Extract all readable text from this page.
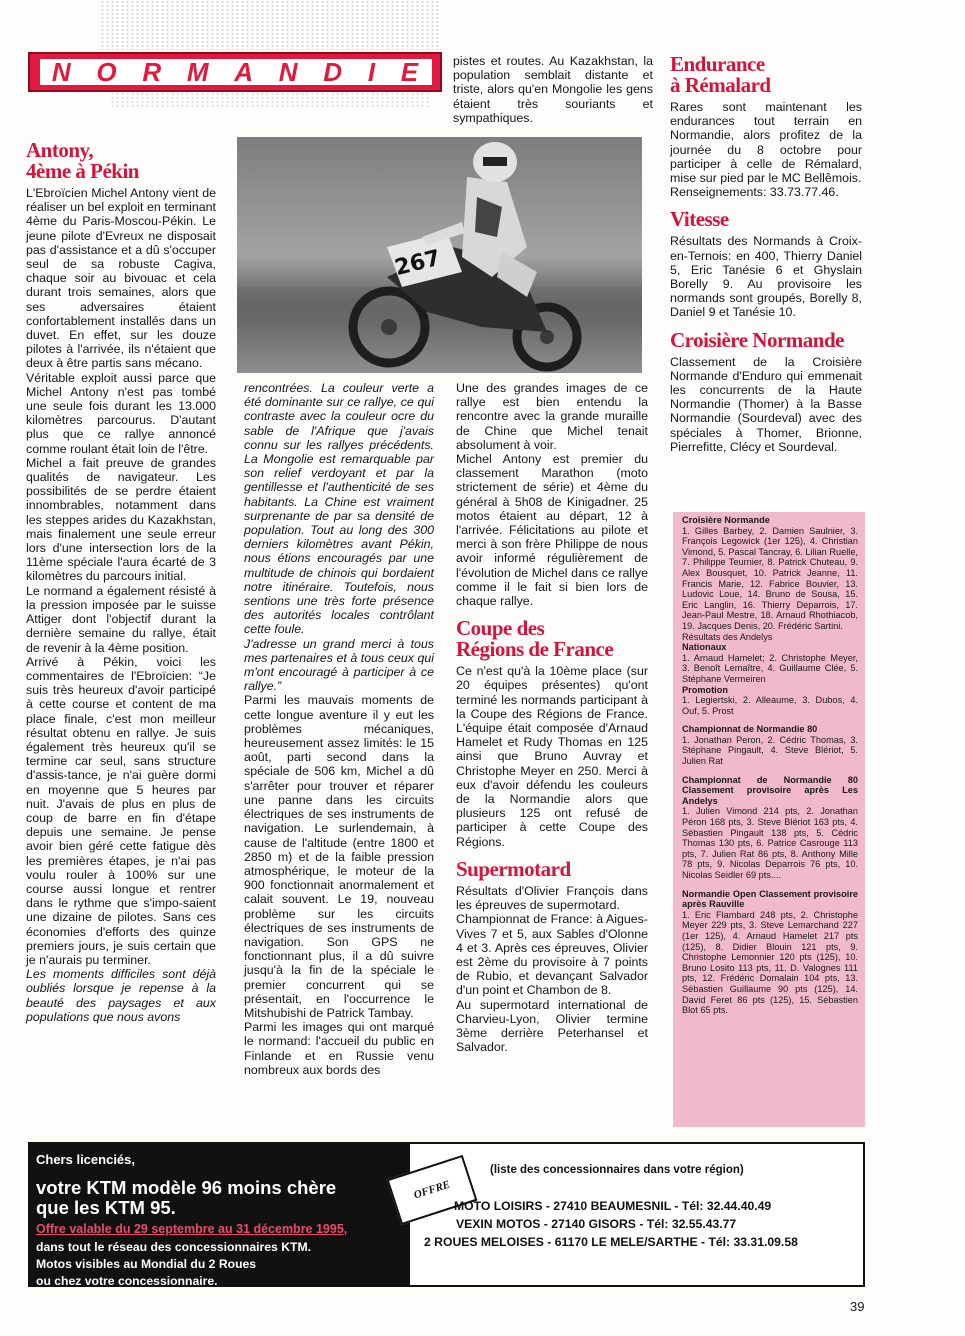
N O R M A N D I E
267
Antony,
4ème à Pékin

L'Ebroïcien Michel Antony vient de réaliser un bel exploit en terminant 4ème du Paris-Moscou-Pékin. Le jeune pilote d'Evreux ne disposait pas d'assistance et a dû s'occuper seul de sa robuste Cagiva, chaque soir au bivouac et cela durant trois semaines, alors que ses adversaires étaient confortablement installés dans un duvet. En effet, sur les douze pilotes à l'arrivée, ils n'étaient que deux à être partis sans mécano.

Véritable exploit aussi parce que Michel Antony n'est pas tombé une seule fois durant les 13.000 kilomètres parcourus. D'autant plus que ce rallye annoncé comme roulant était loin de l'être.

Michel a fait preuve de grandes qualités de navigateur. Les possibilités de se perdre étaient innombrables, notamment dans les steppes arides du Kazakhstan, mais finalement une seule erreur lors d'une intersection lors de la 11ème spéciale l'aura écarté de 3 kilomètres du parcours initial.

Le normand a également résisté à la pression imposée par le suisse Attiger dont l'objectif durant la dernière semaine du rallye, était de revenir à la 4ème position.

Arrivé à Pékin, voici les commentaires de l'Ebroïcien: “Je suis très heureux d'avoir participé à cette course et content de ma place finale, c'est mon meilleur résultat obtenu en rallye. Je suis également très heureux qu'il se termine car seul, sans structure d'assis-tance, je n'ai guère dormi en moyenne que 5 heures par nuit. J'avais de plus en plus de coup de barre en fin d'étape depuis une semaine. Je pense avoir bien géré cette fatigue dès les premières étapes, je n'ai pas voulu rouler à 100% sur une course aussi longue et rentrer dans le rythme que s'impo-saient une dizaine de pilotes. Sans ces économies d'efforts des quinze premiers jours, je suis certain que je n'aurais pu terminer.

Les moments difficiles sont déjà oubliés lorsque je repense à la beauté des paysages et aux populations que nous avons

rencontrées. La couleur verte a été dominante sur ce rallye, ce qui contraste avec la couleur ocre du sable de l'Afrique que j'avais connu sur les rallyes précédents. La Mongolie est remarquable par son relief verdoyant et par la gentillesse et l'authenticité de ses habitants. La Chine est vraiment surprenante de par sa densité de population. Tout au long des 300 derniers kilomètres avant Pékin, nous étions encouragés par une multitude de chinois qui bordaient notre itinéraire. Toutefois, nous sentions une très forte présence des autorités locales contrôlant cette foule.

J'adresse un grand merci à tous mes partenaires et à tous ceux qui m'ont encouragé à participer à ce rallye.”

Parmi les mauvais moments de cette longue aventure il y eut les problèmes mécaniques, heureusement assez limités: le 15 août, parti second dans la spéciale de 506 km, Michel a dû s'arrêter pour trouver et réparer une panne dans les circuits électriques de ses instruments de navigation. Le surlendemain, à cause de l'altitude (entre 1800 et 2850 m) et de la faible pression atmosphérique, le moteur de la 900 fonctionnait anormalement et calait souvent. Le 19, nouveau problème sur les circuits électriques de ses instruments de navigation. Son GPS ne fonctionnant plus, il a dû suivre jusqu'à la fin de la spéciale le premier concurrent qui se présentait, en l'occurrence le Mitshubishi de Patrick Tambay.

Parmi les images qui ont marqué le normand: l'accueil du public en Finlande et en Russie venu nombreux aux bords des

pistes et routes. Au Kazakhstan, la population semblait distante et triste, alors qu'en Mongolie les gens étaient très souriants et sympathiques.

Une des grandes images de ce rallye est bien entendu la rencontre avec la grande muraille de Chine que Michel tenait absolument à voir.

Michel Antony est premier du classement Marathon (moto strictement de série) et 4ème du général à 5h08 de Kinigadner. 25 motos étaient au départ, 12 à l'arrivée. Félicitations au pilote et merci à son frère Philippe de nous avoir informé régulièrement de l'évolution de Michel dans ce rallye comme il le fait si bien lors de chaque rallye.

Coupe des
Régions de France

Ce n'est qu'à la 10ème place (sur 20 équipes présentes) qu'ont terminé les normands participant à la Coupe des Régions de France. L'équipe était composée d'Arnaud Hamelet et Rudy Thomas en 125 ainsi que Bruno Auvray et Christophe Meyer en 250. Merci à eux d'avoir défendu les couleurs de la Normandie alors que plusieurs 125 ont refusé de participer à cette Coupe des Régions.

Supermotard

Résultats d'Olivier François dans les épreuves de supermotard.

Championnat de France: à Aigues-Vives 7 et 5, aux Sables d'Olonne 4 et 3. Après ces épreuves, Olivier est 2ème du provisoire à 7 points de Rubio, et devançant Salvador d'un point et Chambon de 8.

Au supermotard international de Charvieu-Lyon, Olivier termine 3ème derrière Peterhansel et Salvador.

Endurance
à Rémalard

Rares sont maintenant les endurances tout terrain en Normandie, alors profitez de la journée du 8 octobre pour participer à celle de Rémalard, mise sur pied par le MC Bellêmois.

Renseignements: 33.73.77.46.

Vitesse

Résultats des Normands à Croix-en-Ternois: en 400, Thierry Daniel 5, Eric Tanésie 6 et Ghyslain Borelly 9. Au provisoire les normands sont groupés, Borelly 8, Daniel 9 et Tanésie 10.

Croisière Normande

Classement de la Croisière Normande d'Enduro qui emmenait les concurrents de la Haute Normandie (Thomer) à la Basse Normandie (Sourdeval) avec des spéciales à Thomer, Brionne, Pierrefitte, Clécy et Sourdeval.

Croisière Normande

1. Gilles Barbey, 2. Damien Saulnier, 3. François Legowick (1er 125), 4. Christian Vimond, 5. Pascal Tancray, 6. Lilian Ruelle, 7. Philippe Teurnier, 8. Patrick Chuteau, 9. Alex Bousquet, 10. Patrick Jeanne, 11. Francis Marie, 12. Fabrice Bouvier, 13. Ludovic Loue, 14. Bruno de Sousa, 15. Eric Langlin, 16. Thierry Deparrois, 17. Jean-Paul Mestre, 18. Arnaud Rhothiacob, 19. Jacques Denis, 20. Frédéric Sartini.

Résultats des Andelys

Nationaux

1. Arnaud Hamelet; 2. Christophe Meyer, 3. Benoît Lemaître, 4. Guillaume Clée, 5. Stéphane Vermeiren

Promotion

1. Legiertski, 2. Alleaume, 3. Dubos, 4. Ouf, 5. Prost

Championnat de Normandie 80

1. Jonathan Peron, 2. Cédric Thomas, 3. Stéphane Pingault, 4. Steve Blériot, 5. Julien Rat

Championnat de Normandie 80 Classement provisoire après Les Andelys

1. Julien Vimond 214 pts, 2. Jonathan Péron 168 pts, 3. Steve Blériot 163 pts, 4. Sébastien Pingault 138 pts, 5. Cédric Thomas 130 pts, 6. Patrice Casrouge 113 pts, 7. Julien Rat 86 pts, 8. Anthony Mille 78 pts, 9. Nicolas Deparrois 76 pts, 10. Nicolas Seidler 69 pts....

Normandie Open Classement provisoire après Rauville

1. Eric Flambard 248 pts, 2. Christophe Meyer 229 pts, 3. Steve Lemarchand 227 (1er 125), 4. Arnaud Hamelet 217 pts (125), 8. Didier Blouin 121 pts, 9. Christophe Lemonnier 120 pts (125), 10. Bruno Losito 113 pts, 11. D. Valognes 111 pts, 12. Frédéric Domalain 104 pts, 13. Sébastien Guillaume 90 pts (125), 14. David Feret 86 pts (125), 15. Sébastien Blot 65 pts.

Chers licenciés,
votre KTM modèle 96 moins chère
que les KTM 95.
Offre valable du 29 septembre au 31 décembre 1995,
dans tout le réseau des concessionnaires KTM.
Motos visibles au Mondial du 2 Roues
ou chez votre concessionnaire.
OFFRE
(liste des concessionnaires dans votre région)
MOTO LOISIRS - 27410 BEAUMESNIL - Tél: 32.44.40.49
VEXIN MOTOS - 27140 GISORS - Tél: 32.55.43.77
2 ROUES MELOISES - 61170 LE MELE/SARTHE - Tél: 33.31.09.58
39
